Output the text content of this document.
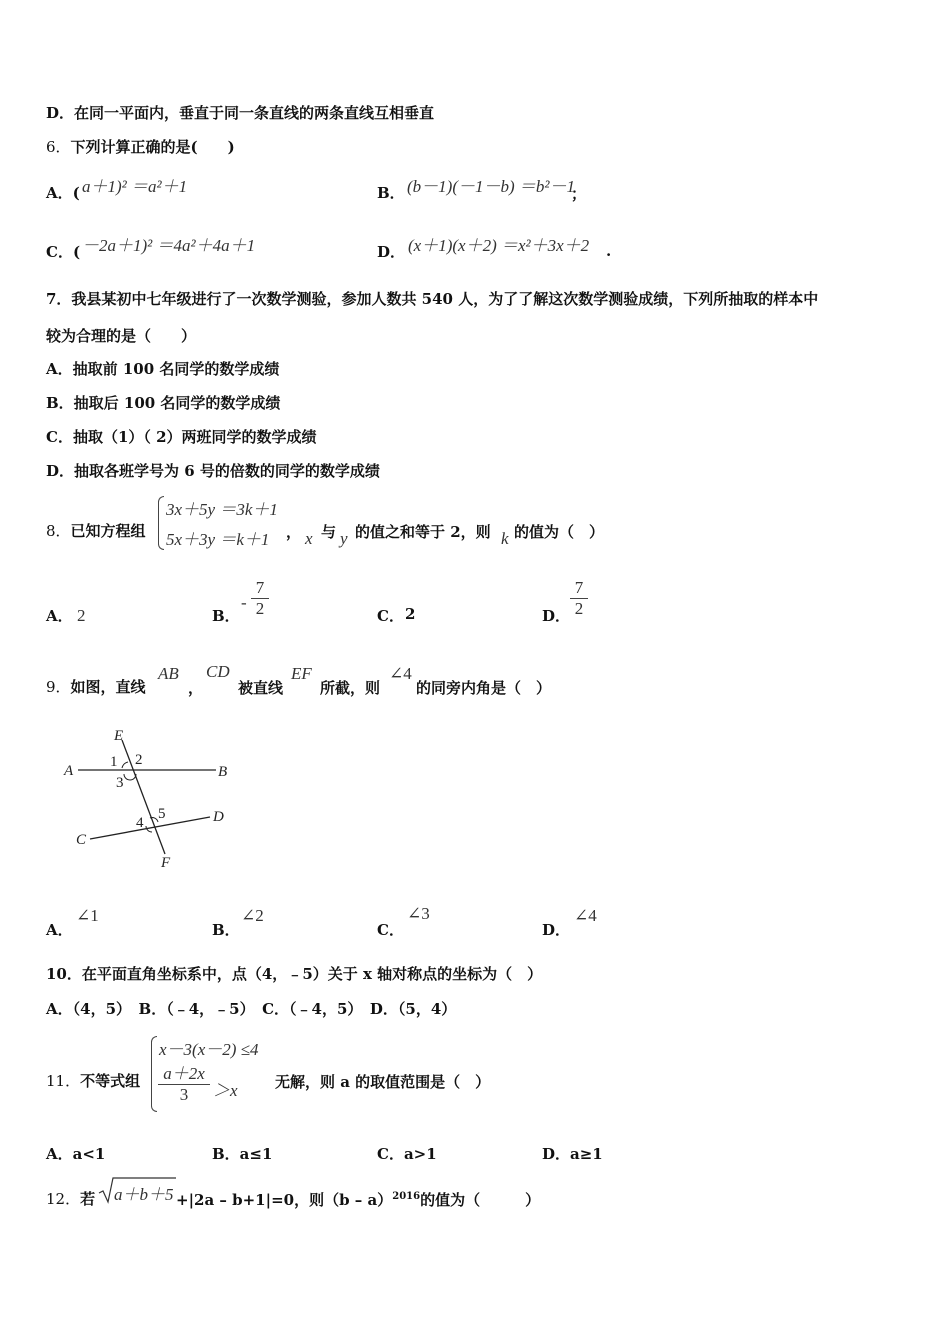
D．在同一平面内，垂直于同一条直线的两条直线互相垂直
6．下列计算正确的是(　　)
A．( a＋1)² ＝a²＋1	B． (b－1)(－1－b) ＝b²－1
；
C．( －2a＋1)² ＝4a²＋4a＋1	D． (x＋1)(x＋2) ＝x²＋3x＋2 .
7．我县某初中七年级进行了一次数学测验，参加人数共 540 人，为了了解这次数学测验成绩，下列所抽取的样本中
较为合理的是（　　）
A．抽取前 100 名同学的数学成绩
B．抽取后 100 名同学的数学成绩
C．抽取（1）（ 2）两班同学的数学成绩
D．抽取各班学号为 6 号的倍数的同学的数学成绩
8．已知方程组
3x＋5y ＝3k＋1
5x＋3y ＝k＋1 ， x 与 y 的值之和等于 2，则 k 的值为（　）
A． 2	B．
-
7
2	C． 2	D．
7
2
9．如图，直线
AB
，
CD
被直线
EF
所截，则
∠4
的同旁内角是（　）
E
A	B
1 2
3
5
4	D
C
F
A．
∠1
B．
∠2
C．
∠3
D．
∠4
10．在平面直角坐标系中，点（4，﹣5）关于 x 轴对称点的坐标为（　）
A．（4，5）　B．（﹣4，﹣5）　C．（﹣4，5）　D．（5，4）
11．不等式组
x－3(x－2) ≤4
a＋2x
3	＞x 无解，则 a 的取值范围是（　）
A．a<1	B．a≤1	C．a>1	D．a≥1
12．若 a＋b＋5 +|2a – b+1|=0，则（b – a）$^{2016}$的值为（　　　）
